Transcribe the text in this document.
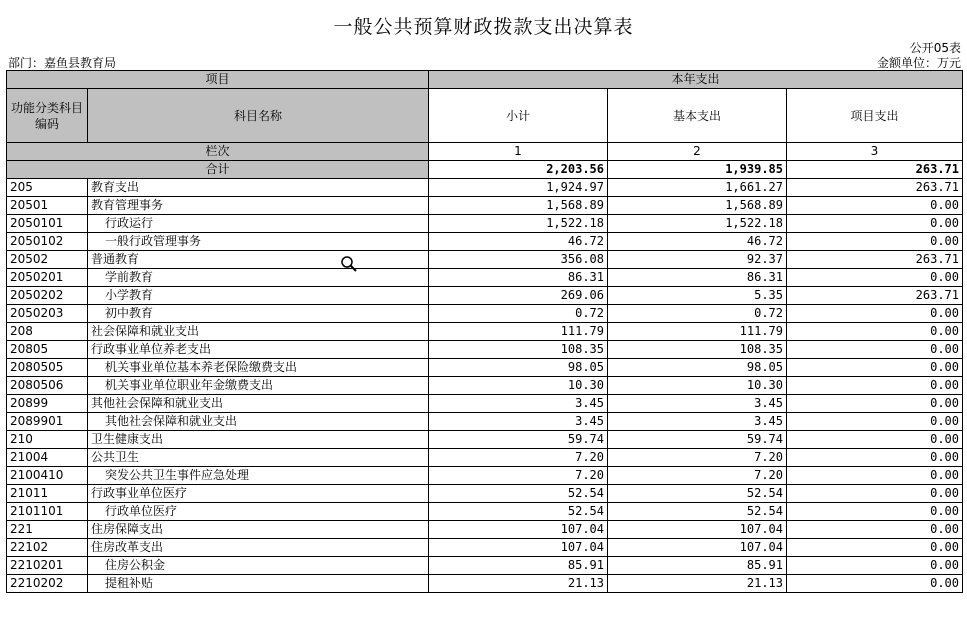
一般公共预算财政拨款支出决算表
公开05表
部门：嘉鱼县教育局	金额单位：万元
项目		本年支出		
功能分类科目编码	科目名称	小计	基本支出	项目支出
栏次		1	2	3
合计		2,203.56	1,939.85	263.71
205	教育支出	1,924.97	1,661.27	263.71
20501	教育管理事务	1,568.89	1,568.89	0.00
2050101	行政运行	1,522.18	1,522.18	0.00
2050102	一般行政管理事务	46.72	46.72	0.00
20502	普通教育	356.08	92.37	263.71
2050201	学前教育	86.31	86.31	0.00
2050202	小学教育	269.06	5.35	263.71
2050203	初中教育	0.72	0.72	0.00
208	社会保障和就业支出	111.79	111.79	0.00
20805	行政事业单位养老支出	108.35	108.35	0.00
2080505	机关事业单位基本养老保险缴费支出	98.05	98.05	0.00
2080506	机关事业单位职业年金缴费支出	10.30	10.30	0.00
20899	其他社会保障和就业支出	3.45	3.45	0.00
2089901	其他社会保障和就业支出	3.45	3.45	0.00
210	卫生健康支出	59.74	59.74	0.00
21004	公共卫生	7.20	7.20	0.00
2100410	突发公共卫生事件应急处理	7.20	7.20	0.00
21011	行政事业单位医疗	52.54	52.54	0.00
2101101	行政单位医疗	52.54	52.54	0.00
221	住房保障支出	107.04	107.04	0.00
22102	住房改革支出	107.04	107.04	0.00
2210201	住房公积金	85.91	85.91	0.00
2210202	提租补贴	21.13	21.13	0.00
